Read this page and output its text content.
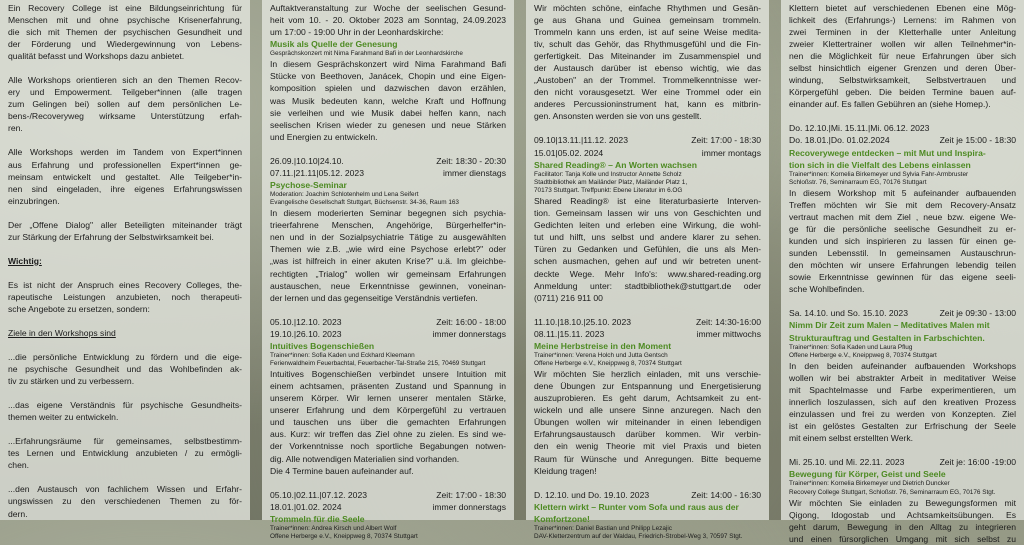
Ein Recovery College ist eine Bildungseinrichtung für
Menschen mit und ohne psychische Krisenerfahrung,
die sich mit Themen der psychischen Gesundheit und
der Förderung und Wiedergewinnung von Lebens-
qualität befasst und Workshops dazu anbietet.
Alle Workshops orientieren sich an den Themen Recov-
ery und Empowerment. Teilgeber*innen (alle tragen
zum Gelingen bei) sollen auf dem persönlichen Le-
bens-/Recoveryweg wirksame Unterstützung erfah-
ren.
Alle Workshops werden im Tandem von Expert*innen
aus Erfahrung und professionellen Expert*innen ge-
meinsam entwickelt und gestaltet. Alle Teilgeber*in-
nen sind eingeladen, ihre eigenes Erfahrungswissen
einzubringen.
Der „Offene Dialog" aller Beteiligten miteinander trägt
zur Stärkung der Erfahrung der Selbstwirksamkeit bei.
Wichtig:
Es ist nicht der Anspruch eines Recovery Colleges, the-
rapeutische Leistungen anzubieten, noch therapeuti-
sche Angebote zu ersetzen, sondern:
Ziele in den Workshops sind
...die persönliche Entwicklung zu fördern und die eige-
ne psychische Gesundheit und das Wohlbefinden ak-
tiv zu stärken und zu verbessern.
...das eigene Verständnis für psychische Gesundheits-
themen weiter zu entwickeln.
...Erfahrungsräume für gemeinsames, selbstbestimm-
tes Lernen und Entwicklung anzubieten / zu ermögli-
chen.
...den Austausch von fachlichem Wissen und Erfahr-
ungswissen zu den verschiedenen Themen zu för-
dern.
Auftaktveranstaltung zur Woche der seelischen Gesund-
heit vom 10. - 20. Oktober 2023 am Sonntag, 24.09.2023
um 17:00 - 19:00 Uhr in der Leonhardskirche:
Musik als Quelle der Genesung
Gesprächskonzert mit Nima Farahmand Bafi in der Leonhardskirche
In diesem Gesprächskonzert wird Nima Farahmand Bafi
Stücke von Beethoven, Janácek, Chopin und eine Eigen-
komposition spielen und dazwischen davon erzählen,
was Musik bedeuten kann, welche Kraft und Hoffnung
sie verleihen und wie Musik dabei helfen kann, nach
seelischen Krisen wieder zu genesen und neue Stärken
und Energien zu entwickeln.
26.09.|10.10|24.10.	Zeit: 18:30 - 20:30
07.11.|21.11|05.12. 2023	immer dienstags
Psychose-Seminar
Moderation: Joachim Schlotenhelm und Lena Seifert
Evangelische Gesellschaft Stuttgart, Büchsenstr. 34-36, Raum 163
In diesem moderierten Seminar begegnen sich psychia-
trieerfahrene Menschen, Angehörige, Bürgerhelfer*in-
nen und in der Sozialpsychiatrie Tätige zu ausgewählten
Themen wie z.B. „wie wird eine Psychose erlebt?" oder
„was ist hilfreich in einer akuten Krise?" u.ä. Im gleichbe-
rechtigten „Trialog" wollen wir gemeinsam Erfahrungen
austauschen, neue Erkenntnisse gewinnen, voneinan-
der lernen und das gegenseitige Verständnis vertiefen.
05.10.|12.10. 2023	Zeit: 16:00 - 18:00
19.10.|26.10. 2023	immer donnerstags
Intuitives Bogenschießen
Trainer*innen: Sofia Kaden und Eckhard Kleemann
Ferienwaldheim Feuerbachtal, Feuerbacher-Tal-Straße 215, 70469 Stuttgart
Intuitives Bogenschießen verbindet unsere Intuition mit
einem achtsamen, präsenten Zustand und Spannung in
unserem Körper. Wir lernen unserer mentalen Stärke,
unserer Erfahrung und dem Körpergefühl zu vertrauen
und tauschen uns über die gemachten Erfahrungen
aus. Kurz: wir treffen das Ziel ohne zu zielen. Es sind we-
der Vorkenntnisse noch sportliche Begabungen notwen-
dig. Alle notwendigen Materialien sind vorhanden.
Die 4 Termine bauen aufeinander auf.
05.10.|02.11.|07.12. 2023	Zeit: 17:00 - 18:30
18.01.|01.02. 2024	immer donnerstags
Trommeln für die Seele
Trainer*innen: Andrea Kirsch und Albert Wolf
Offene Herberge e.V., Kneippweg 8, 70374 Stuttgart
Wir möchten schöne, einfache Rhythmen und Gesän-
ge aus Ghana und Guinea gemeinsam trommeln.
Trommeln kann uns erden, ist auf seine Weise medita-
tiv, schult das Gehör, das Rhythmusgefühl und die Fin-
gerfertigkeit. Das Miteinander im Zusammenspiel und
der Austausch darüber ist ebenso wichtig, wie das
„Austoben" an der Trommel. Trommelkenntnisse wer-
den nicht vorausgesetzt. Wer eine Trommel oder ein
anderes Percussioninstrument hat, kann es mitbrin-
gen. Ansonsten werden sie von uns gestellt.
09.10|13.11.|11.12. 2023	Zeit: 17:00 - 18:30
15.01|05.02. 2024	immer montags
Shared Reading® – An Worten wachsen
Facilitator: Tanja Kolle und Instructor Annette Scholz
Stadtbibliothek am Mailänder Platz, Mailänder Platz 1,
70173 Stuttgart. Treffpunkt: Ebene Literatur im 6.OG
Shared Reading® ist eine literaturbasierte Interven-
tion. Gemeinsam lassen wir uns von Geschichten und
Gedichten leiten und erleben eine Wirkung, die wohl-
tut und hilft, uns selbst und andere klarer zu sehen.
Türen zu Gedanken und Gefühlen, die uns als Men-
schen ausmachen, gehen auf und wir betreten unent-
deckte Wege. Mehr Info's: www.shared-reading.org
Anmeldung unter: stadtbibliothek@stuttgart.de oder
(0711) 216 911 00
11.10.|18.10.|25.10. 2023	Zeit: 14:30-16:00
08.11.|15.11. 2023	immer mittwochs
Meine Herbstreise in den Moment
Trainer*innen: Verena Holch und Jutta Gentsch
Offene Herberge e.V., Kneippweg 8, 70374 Stuttgart
Wir möchten Sie herzlich einladen, mit uns verschie-
dene Übungen zur Entspannung und Energetisierung
auszuprobieren. Es geht darum, Achtsamkeit zu ent-
wickeln und alle unsere Sinne anzuregen. Nach den
Übungen wollen wir miteinander in einen lebendigen
Erfahrungsaustausch darüber kommen. Wir verbin-
den ein wenig Theorie mit viel Praxis und bieten
Raum für Wünsche und Anregungen. Bitte bequeme
Kleidung tragen!
D. 12.10. und Do. 19.10. 2023	Zeit: 14:00 - 16:30
Klettern wirkt – Runter vom Sofa und raus aus der
Komfortzone!
Trainer*innen: Daniel Bastian und Philipp Lezajic
DAV-Kletterzentrum auf der Waldau, Friedrich-Strobel-Weg 3, 70597 Stgt.
Klettern bietet auf verschiedenen Ebenen eine Mög-
lichkeit des (Erfahrungs-) Lernens: im Rahmen von
zwei Terminen in der Kletterhalle unter Anleitung
zweier Klettertrainer wollen wir allen Teilnehmer*in-
nen die Möglichkeit für neue Erfahrungen über sich
selbst hinsichtlich eigener Grenzen und deren Über-
windung, Selbstwirksamkeit, Selbstvertrauen und
Körpergefühl geben. Die beiden Termine bauen auf-
einander auf. Es fallen Gebühren an (siehe Homep.).
Do. 12.10.|Mi. 15.11.|Mi. 06.12. 2023
Do. 18.01.|Do. 01.02.2024	Zeit je 15:00 - 18:30
Recoverywege entdecken – mit Mut und Inspira-
tion sich in die Vielfalt des Lebens einlassen
Trainer*innen: Kornelia Birkemeyer und Sylvia Fahr-Armbruster
Schloßstr. 76, Seminarraum EG, 70176 Stuttgart
In diesem Workshop mit 5 aufeinander aufbauenden
Treffen möchten wir Sie mit dem Recovery-Ansatz
vertraut machen mit dem Ziel , neue bzw. eigene We-
ge für die persönliche seelische Gesundheit zu er-
kunden und sich inspirieren zu lassen für einen ge-
sunden Lebensstil. In gemeinsamen Austauschrun-
den möchten wir unsere Erfahrungen lebendig teilen
sowie Erkenntnisse gewinnen für das eigene seeli-
sche Wohlbefinden.
Sa. 14.10. und So. 15.10. 2023	Zeit je 09:30 - 13:00
Nimm Dir Zeit zum Malen – Meditatives Malen mit
Strukturauftrag und Gestalten in Farbschichten.
Trainer*innen: Sofia Kaden und Laura Pflug
Offene Herberge e.V., Kneippweg 8, 70374 Stuttgart
In den beiden aufeinander aufbauenden Workshops
wollen wir bei abstrakter Arbeit in meditativer Weise
mit Spachtelmasse und Farbe experimentieren, um
innerlich loszulassen, sich auf den kreativen Prozess
einzulassen und frei zu werden von Konzepten. Ziel
ist ein gelöstes Gestalten zur Erfrischung der Seele
mit einem selbst erstellten Werk.
Mi. 25.10. und Mi. 22.11. 2023	Zeit je: 16:00 -19:00
Bewegung für Körper, Geist und Seele
Trainer*innen: Kornelia Birkemeyer und Dietrich Duncker
Recovery College Stuttgart, Schloßstr. 76, Seminarraum EG, 70176 Stgt.
Wir möchten Sie einladen zu Bewegungsformen mit
Qigong, Idogostab und Achtsamkeitsübungen. Es
geht darum, Bewegung in den Alltag zu integrieren
und einen fürsorglichen Umgang mit sich selbst zu
